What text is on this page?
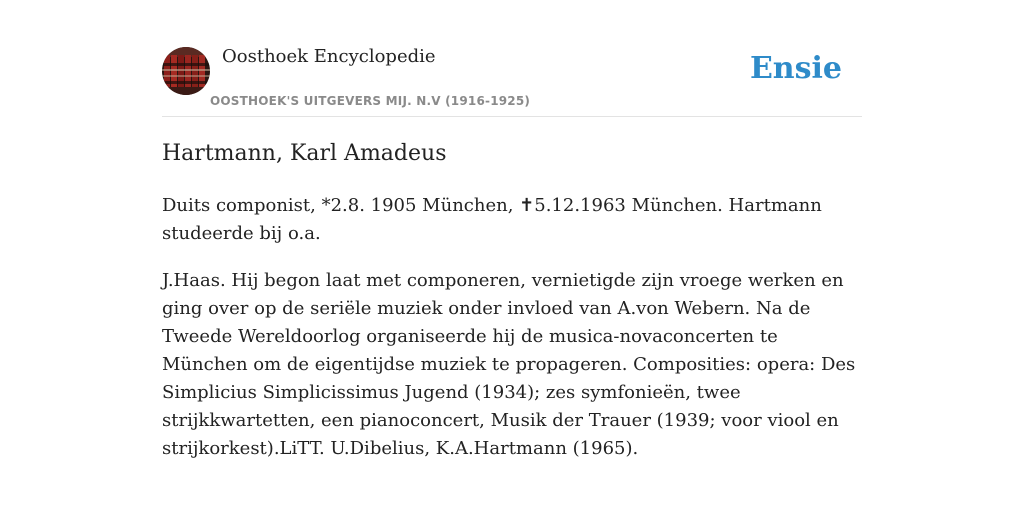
Oosthoek Encyclopedie
OOSTHOEK'S UITGEVERS MIJ. N.V (1916-1925)
Ensie
Hartmann, Karl Amadeus

Duits componist, *2.8. 1905 München, ✝5.12.1963 München. Hartmann studeerde bij o.a.

J.Haas. Hij begon laat met componeren, vernietigde zijn vroege werken en ging over op de seriële muziek onder invloed van A.von Webern. Na de Tweede Wereldoorlog organiseerde hij de musica-novaconcerten te München om de eigentijdse muziek te propageren. Composities: opera: Des Simplicius Simplicissimus Jugend (1934); zes symfonieën, twee strijkkwartetten, een pianoconcert, Musik der Trauer (1939; voor viool en strijkorkest).LiTT. U.Dibelius, K.A.Hartmann (1965).
